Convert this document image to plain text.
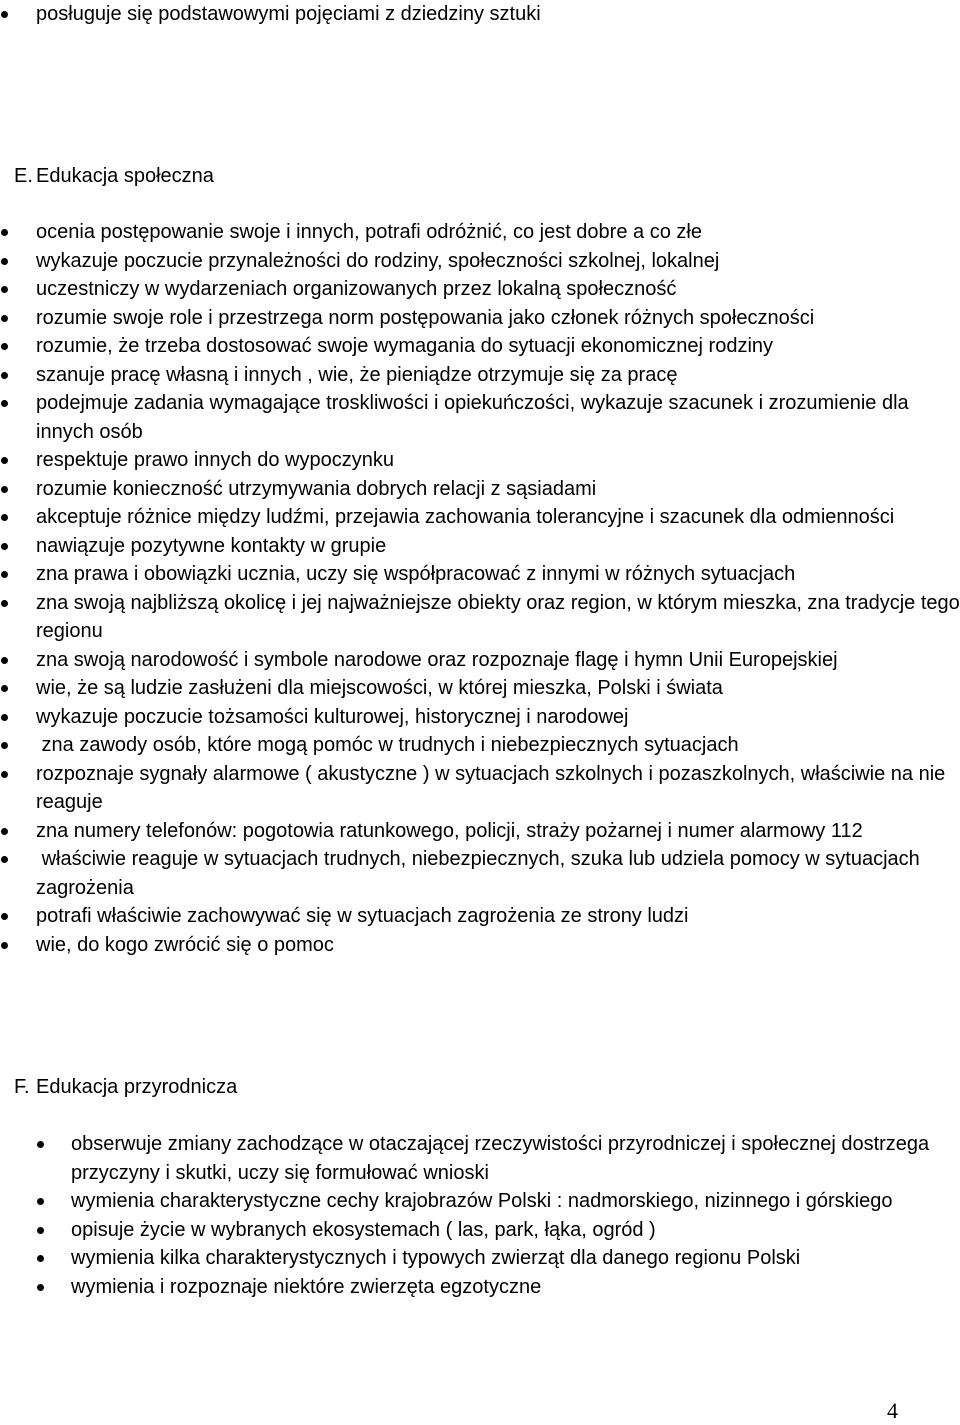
posługuje się podstawowymi pojęciami z dziedziny sztuki
E. Edukacja społeczna
ocenia postępowanie swoje i innych, potrafi odróżnić, co jest dobre a co złe
wykazuje poczucie przynależności do rodziny, społeczności szkolnej, lokalnej
uczestniczy w wydarzeniach organizowanych przez lokalną społeczność
rozumie swoje role i przestrzega norm postępowania jako członek różnych społeczności
rozumie, że trzeba dostosować swoje wymagania do sytuacji ekonomicznej rodziny
szanuje pracę własną i innych , wie, że pieniądze otrzymuje się za pracę
podejmuje zadania wymagające troskliwości i opiekuńczości, wykazuje szacunek i zrozumienie dla innych osób
respektuje prawo innych do wypoczynku
rozumie konieczność utrzymywania dobrych relacji z sąsiadami
akceptuje różnice między ludźmi, przejawia zachowania tolerancyjne i szacunek dla odmienności
nawiązuje pozytywne kontakty w grupie
zna prawa i obowiązki ucznia, uczy się współpracować z innymi w różnych sytuacjach
zna swoją najbliższą okolicę i jej najważniejsze obiekty oraz region, w którym mieszka, zna tradycje tego regionu
zna swoją narodowość i symbole narodowe oraz rozpoznaje flagę i hymn Unii Europejskiej
wie, że są ludzie zasłużeni dla miejscowości, w której mieszka, Polski i świata
wykazuje poczucie tożsamości kulturowej, historycznej i narodowej
zna zawody osób, które mogą pomóc w trudnych i niebezpiecznych sytuacjach
rozpoznaje sygnały alarmowe ( akustyczne ) w sytuacjach szkolnych i pozaszkolnych, właściwie na nie reaguje
zna numery telefonów: pogotowia ratunkowego, policji, straży pożarnej i numer alarmowy 112
właściwie reaguje w sytuacjach trudnych, niebezpiecznych, szuka lub udziela pomocy w sytuacjach zagrożenia
potrafi właściwie zachowywać się w sytuacjach zagrożenia ze strony ludzi
wie, do kogo zwrócić się o pomoc
F. Edukacja przyrodnicza
obserwuje zmiany zachodzące w otaczającej rzeczywistości przyrodniczej i społecznej dostrzega przyczyny i skutki, uczy się formułować wnioski
wymienia charakterystyczne cechy krajobrazów Polski : nadmorskiego, nizinnego i górskiego
opisuje życie w wybranych ekosystemach ( las, park, łąka, ogród )
wymienia kilka charakterystycznych i typowych zwierząt dla danego regionu Polski
wymienia i rozpoznaje niektóre zwierzęta egzotyczne
4
